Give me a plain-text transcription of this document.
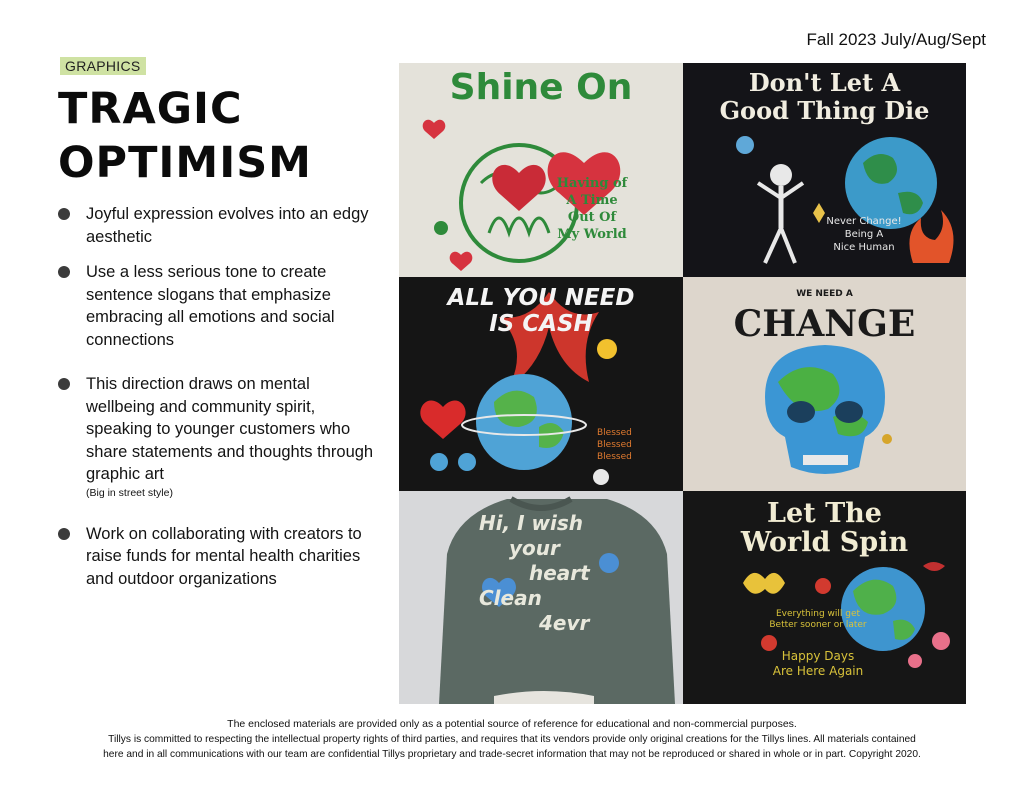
Fall 2023 July/Aug/Sept
GRAPHICS
TRAGIC
OPTIMISM
Joyful expression evolves into an edgy aesthetic
Use a less serious tone to create sentence slogans that emphasize embracing all emotions and social connections
This direction draws on mental wellbeing and community spirit, speaking to younger customers who share statements and thoughts through graphic art
(Big in street style)
Work on collaborating with creators to raise funds for mental health charities and outdoor organizations
Shine On
Having of
A Time
Out Of
My World
Don't Let A
Good Thing Die
Never Change!
Being A
Nice Human
ALL YOU NEED
IS CASH
Blessed
Blessed
Blessed
WE NEED A
CHANGE
Hi, I wish
your
heart
Clean
4evr
Let The
World Spin
Everything will get
Better sooner or later
Happy Days
Are Here Again
The enclosed materials are provided only as a potential source of reference for educational and non-commercial purposes.
Tillys is committed to respecting the intellectual property rights of third parties, and requires that its vendors provide only original creations for the Tillys lines. All materials contained
here and in all communications with our team are confidential Tillys proprietary and trade-secret information that may not be reproduced or shared in whole or in part. Copyright 2020.
